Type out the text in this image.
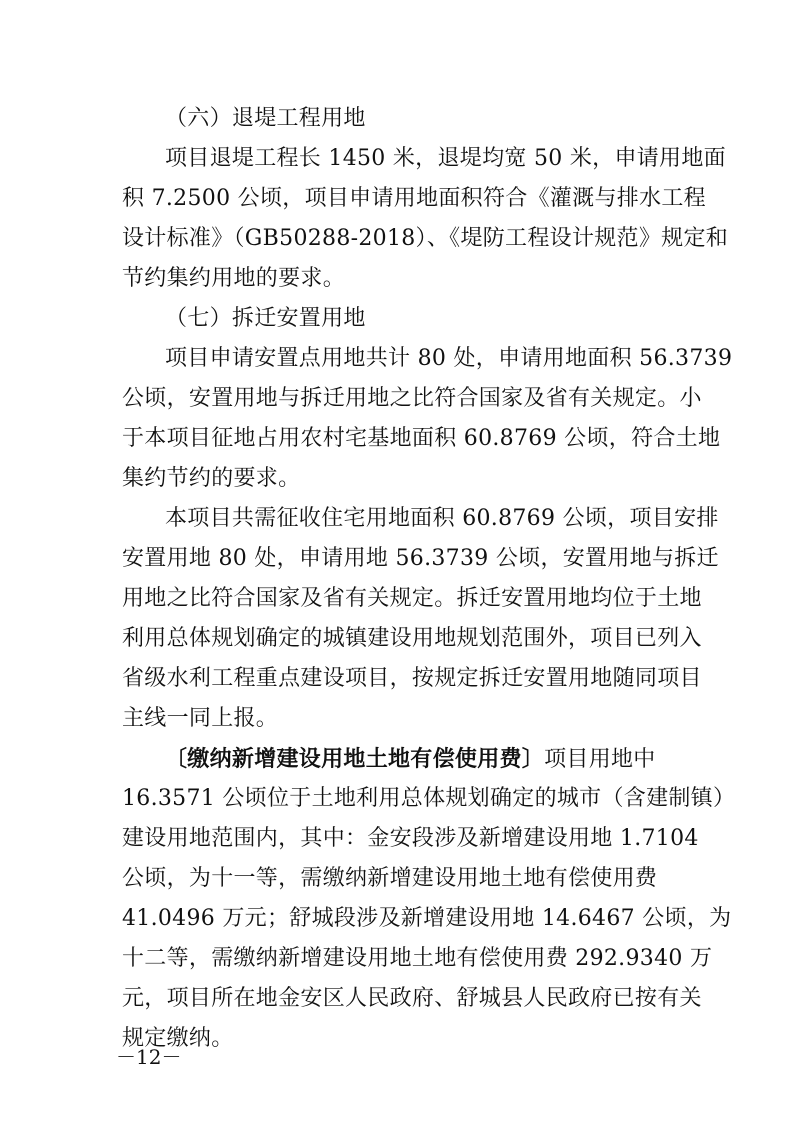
（六）退堤工程用地
项目退堤工程长 1450 米，退堤均宽 50 米，申请用地面
积 7.2500 公顷，项目申请用地面积符合《灌溉与排水工程
设计标准》（GB50288-2018）、《堤防工程设计规范》规定和
节约集约用地的要求。
（七）拆迁安置用地
项目申请安置点用地共计 80 处，申请用地面积 56.3739
公顷，安置用地与拆迁用地之比符合国家及省有关规定。小
于本项目征地占用农村宅基地面积 60.8769 公顷，符合土地
集约节约的要求。
本项目共需征收住宅用地面积 60.8769 公顷，项目安排
安置用地 80 处，申请用地 56.3739 公顷，安置用地与拆迁
用地之比符合国家及省有关规定。拆迁安置用地均位于土地
利用总体规划确定的城镇建设用地规划范围外，项目已列入
省级水利工程重点建设项目，按规定拆迁安置用地随同项目
主线一同上报。
〔缴纳新增建设用地土地有偿使用费〕项目用地中
16.3571 公顷位于土地利用总体规划确定的城市（含建制镇）
建设用地范围内，其中：金安段涉及新增建设用地 1.7104
公顷，为十一等，需缴纳新增建设用地土地有偿使用费
41.0496 万元；舒城段涉及新增建设用地 14.6467 公顷，为
十二等，需缴纳新增建设用地土地有偿使用费 292.9340 万
元，项目所在地金安区人民政府、舒城县人民政府已按有关
规定缴纳。
－12－
